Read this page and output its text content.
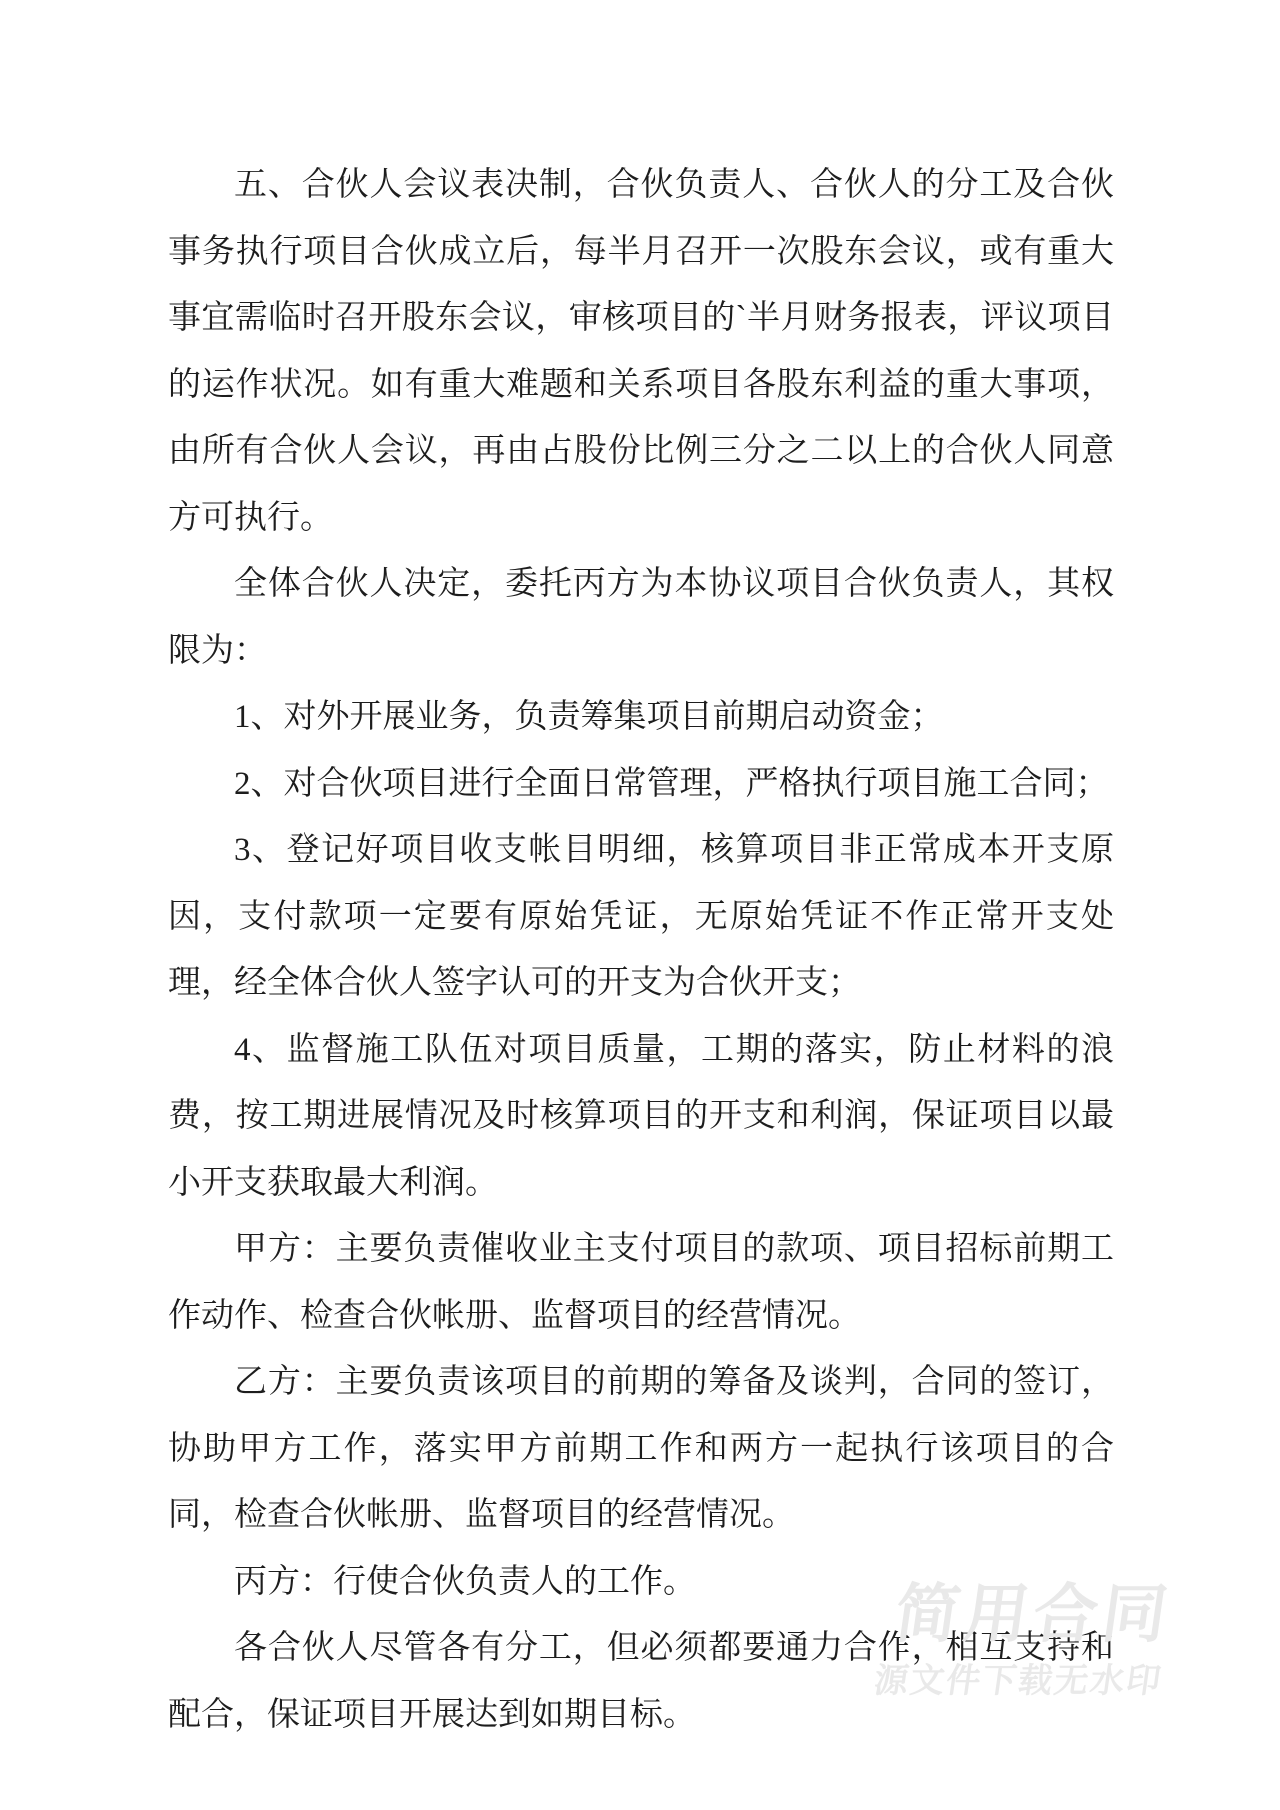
五、合伙人会议表决制，合伙负责人、合伙人的分工及合伙事务执行项目合伙成立后，每半月召开一次股东会议，或有重大事宜需临时召开股东会议，审核项目的`半月财务报表，评议项目的运作状况。如有重大难题和关系项目各股东利益的重大事项，由所有合伙人会议，再由占股份比例三分之二以上的合伙人同意方可执行。

全体合伙人决定，委托丙方为本协议项目合伙负责人，其权限为：

1、对外开展业务，负责筹集项目前期启动资金；

2、对合伙项目进行全面日常管理，严格执行项目施工合同；

3、登记好项目收支帐目明细，核算项目非正常成本开支原因，支付款项一定要有原始凭证，无原始凭证不作正常开支处理，经全体合伙人签字认可的开支为合伙开支；

4、监督施工队伍对项目质量，工期的落实，防止材料的浪费，按工期进展情况及时核算项目的开支和利润，保证项目以最小开支获取最大利润。

甲方：主要负责催收业主支付项目的款项、项目招标前期工作动作、检查合伙帐册、监督项目的经营情况。

乙方：主要负责该项目的前期的筹备及谈判，合同的签订，协助甲方工作，落实甲方前期工作和两方一起执行该项目的合同，检查合伙帐册、监督项目的经营情况。

丙方：行使合伙负责人的工作。

各合伙人尽管各有分工，但必须都要通力合作，相互支持和配合，保证项目开展达到如期目标。

简用合同
源文件下载无水印
